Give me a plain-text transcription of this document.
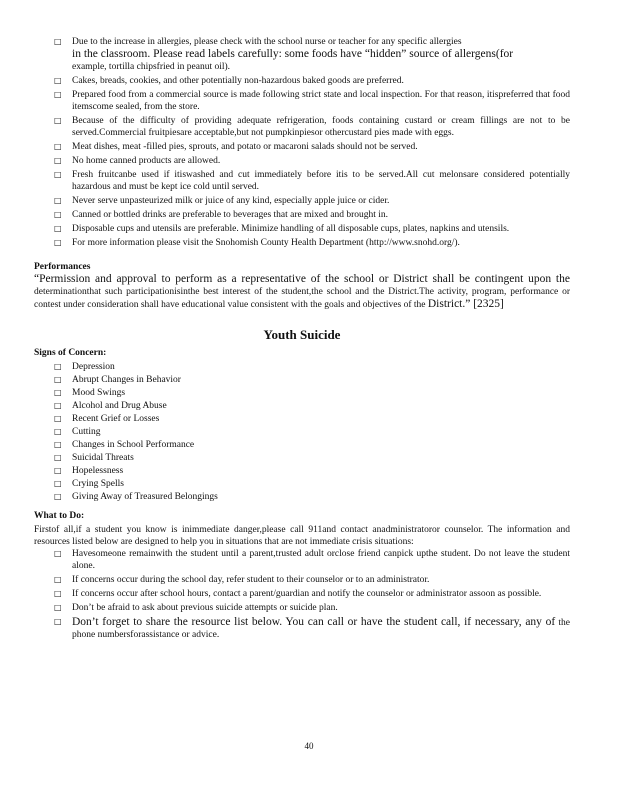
□ Due to the increase in allergies, please check with the school nurse or teacher for any specific allergies
in the classroom. Please read labels carefully: some foods have “hidden” source of allergens(for
example, tortilla chipsfried in peanut oil).
□ Cakes, breads, cookies, and other potentially non-hazardous baked goods are preferred.
□ Prepared food from a commercial source is made following strict state and local inspection. For that reason, itispreferred that food itemscome sealed, from the store.
□ Because of the difficulty of providing adequate refrigeration, foods containing custard or cream fillings are not to be served.Commercial fruitpiesare acceptable,but not pumpkinpiesor othercustard pies made with eggs.
□ Meat dishes, meat -filled pies, sprouts, and potato or macaroni salads should not be served.
□ No home canned products are allowed.
□ Fresh fruitcanbe used if itiswashed and cut immediately before itis to be served.All cut melonsare considered potentially hazardous and must be kept ice cold until served.
□ Never serve unpasteurized milk or juice of any kind, especially apple juice or cider.
□ Canned or bottled drinks are preferable to beverages that are mixed and brought in.
□ Disposable cups and utensils are preferable. Minimize handling of all disposable cups, plates, napkins and utensils.
□ For more information please visit the Snohomish County Health Department (http://www.snohd.org/).
Performances

“Permission and approval to perform as a representative of the school or District shall be contingent upon the determinationthat such participationisinthe best interest of the student,the school and the District.The activity, program, performance or contest under consideration shall have educational value consistent with the goals and objectives of the District.” [2325]

Youth Suicide
Signs of Concern:
□ Depression
□ Abrupt Changes in Behavior
□ Mood Swings
□ Alcohol and Drug Abuse
□ Recent Grief or Losses
□ Cutting
□ Changes in School Performance
□ Suicidal Threats
□ Hopelessness
□ Crying Spells
□ Giving Away of Treasured Belongings
What to Do:

Firstof all,if a student you know is inimmediate danger,please call 911and contact anadministratoror counselor. The information and resources listed below are designed to help you in situations that are not immediate crisis situations:

□ Havesomeone remainwith the student until a parent,trusted adult orclose friend canpick upthe student. Do not leave the student alone.
□ If concerns occur during the school day, refer student to their counselor or to an administrator.
□ If concerns occur after school hours, contact a parent/guardian and notify the counselor or administrator assoon as possible.
□ Don’t be afraid to ask about previous suicide attempts or suicide plan.
□ Don’t forget to share the resource list below. You can call or have the student call, if necessary, any of the phone numbersforassistance or advice.
40
